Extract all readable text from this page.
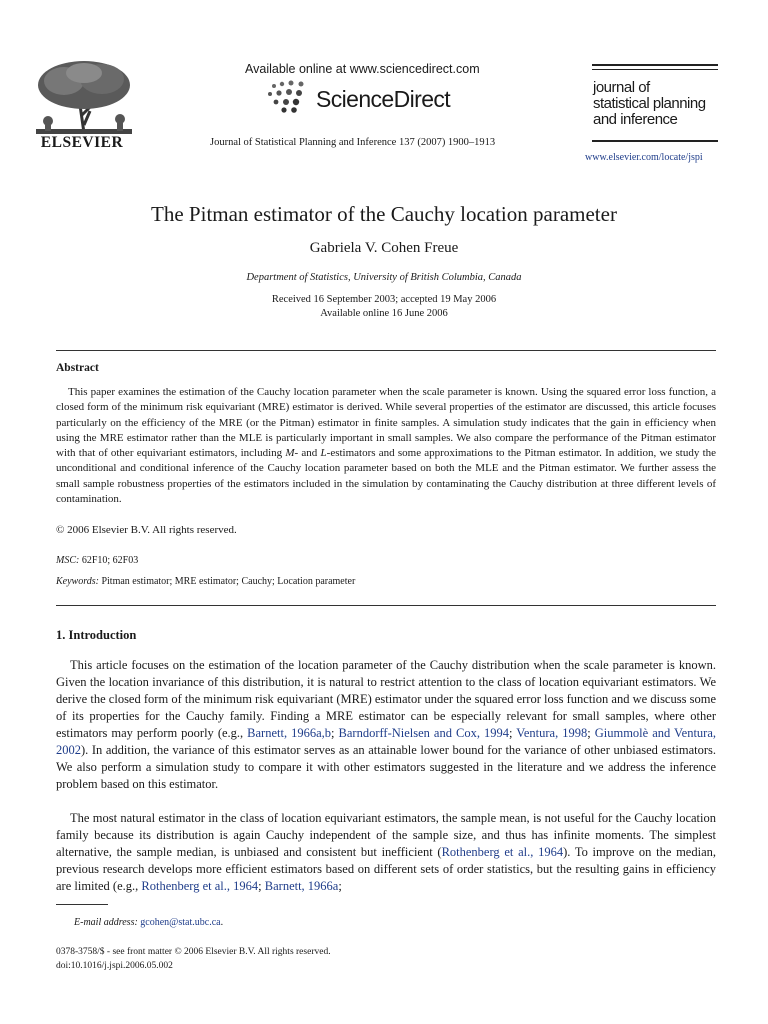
ELSEVIER
Available online at www.sciencedirect.com
ScienceDirect
Journal of Statistical Planning and Inference 137 (2007) 1900–1913
journal of
statistical planning
and inference
www.elsevier.com/locate/jspi
The Pitman estimator of the Cauchy location parameter
Gabriela V. Cohen Freue
Department of Statistics, University of British Columbia, Canada
Received 16 September 2003; accepted 19 May 2006
Available online 16 June 2006
Abstract

This paper examines the estimation of the Cauchy location parameter when the scale parameter is known. Using the squared error loss function, a closed form of the minimum risk equivariant (MRE) estimator is derived. While several properties of the estimator are discussed, this article focuses particularly on the efficiency of the MRE (or the Pitman) estimator in finite samples. A simulation study indicates that the gain in efficiency when using the MRE estimator rather than the MLE is particularly important in small samples. We also compare the performance of the Pitman estimator with that of other equivariant estimators, including M- and L-estimators and some approximations to the Pitman estimator. In addition, we study the unconditional and conditional inference of the Cauchy location parameter based on both the MLE and the Pitman estimator. We further assess the small sample robustness properties of the estimators included in the simulation by contaminating the Cauchy distribution at three different levels of contamination.

© 2006 Elsevier B.V. All rights reserved.
MSC: 62F10; 62F03
Keywords: Pitman estimator; MRE estimator; Cauchy; Location parameter
1. Introduction

This article focuses on the estimation of the location parameter of the Cauchy distribution when the scale parameter is known. Given the location invariance of this distribution, it is natural to restrict attention to the class of location equivariant estimators. We derive the closed form of the minimum risk equivariant (MRE) estimator under the squared error loss function and we discuss some of its properties for the Cauchy family. Finding a MRE estimator can be especially relevant for small samples, where other estimators may perform poorly (e.g., Barnett, 1966a,b; Barndorff-Nielsen and Cox, 1994; Ventura, 1998; Giummolè and Ventura, 2002). In addition, the variance of this estimator serves as an attainable lower bound for the variance of other unbiased estimators. We also perform a simulation study to compare it with other estimators suggested in the literature and we address the inference problem based on this estimator.

The most natural estimator in the class of location equivariant estimators, the sample mean, is not useful for the Cauchy location family because its distribution is again Cauchy independent of the sample size, and thus has infinite moments. The simplest alternative, the sample median, is unbiased and consistent but inefficient (Rothenberg et al., 1964). To improve on the median, previous research develops more efficient estimators based on different sets of order statistics, but the resulting gains in efficiency are limited (e.g., Rothenberg et al., 1964; Barnett, 1966a;

E-mail address: gcohen@stat.ubc.ca.
0378-3758/$ - see front matter © 2006 Elsevier B.V. All rights reserved.
doi:10.1016/j.jspi.2006.05.002
